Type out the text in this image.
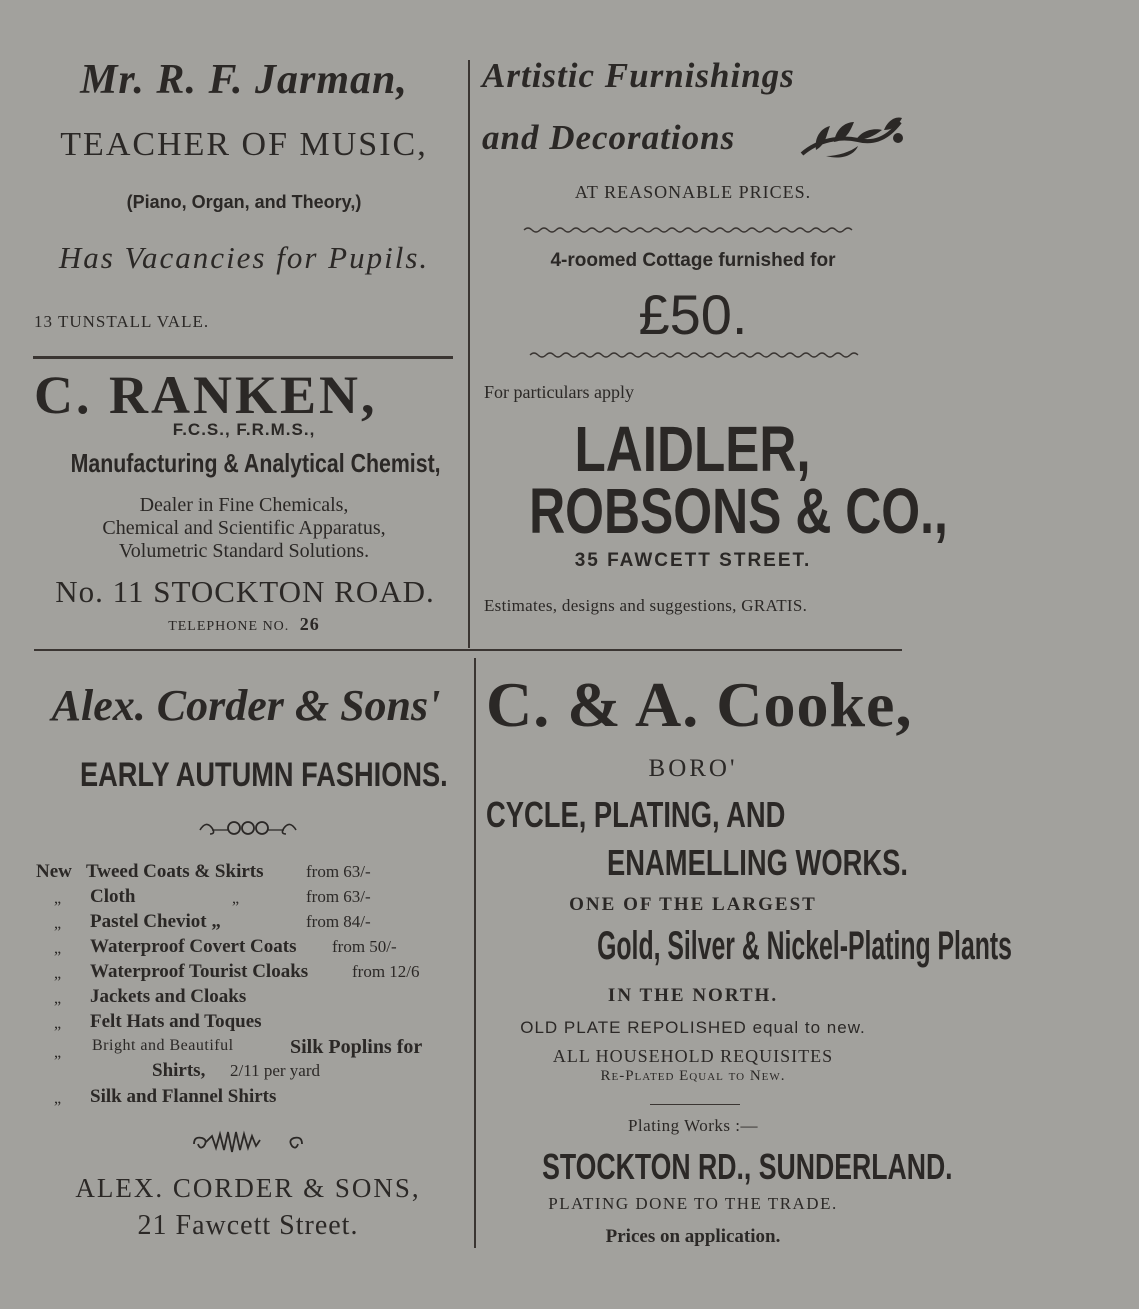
Mr. R. F. Jarman,
TEACHER OF MUSIC,
(Piano, Organ, and Theory,)
Has Vacancies for Pupils.
13 TUNSTALL VALE.
C. RANKEN,
F.C.S., F.R.M.S.,
Manufacturing & Analytical Chemist,
Dealer in Fine Chemicals,
Chemical and Scientific Apparatus,
Volumetric Standard Solutions.
No. 11 STOCKTON ROAD.
TELEPHONE NO. 26
Artistic Furnishings
and Decorations
AT REASONABLE PRICES.
4-roomed Cottage furnished for
£50.
For particulars apply
LAIDLER,
ROBSONS & CO.,
35 FAWCETT STREET.
Estimates, designs and suggestions, GRATIS.
Alex. Corder & Sons'
EARLY AUTUMN FASHIONS.
New Tweed Coats & Skirts from 63/-
„ Cloth	„	from 63/-
„ Pastel Cheviot „	from 84/-
„ Waterproof Covert Coats from 50/-
„ Waterproof Tourist Cloaks	from 12/6
„ Jackets and Cloaks
„ Felt Hats and Toques
„ Bright and Beautiful	Silk Poplins for
Shirts, 2/11 per yard
„ Silk and Flannel Shirts
ALEX. CORDER & SONS,
21 Fawcett Street.
C. & A. Cooke,
BORO'
CYCLE, PLATING, AND
ENAMELLING WORKS.
ONE OF THE LARGEST
Gold, Silver & Nickel-Plating Plants
IN THE NORTH.
OLD PLATE REPOLISHED equal to new.
ALL HOUSEHOLD REQUISITES
Re-Plated Equal to New.
Plating Works :—
STOCKTON RD., SUNDERLAND.
PLATING DONE TO THE TRADE.
Prices on application.
